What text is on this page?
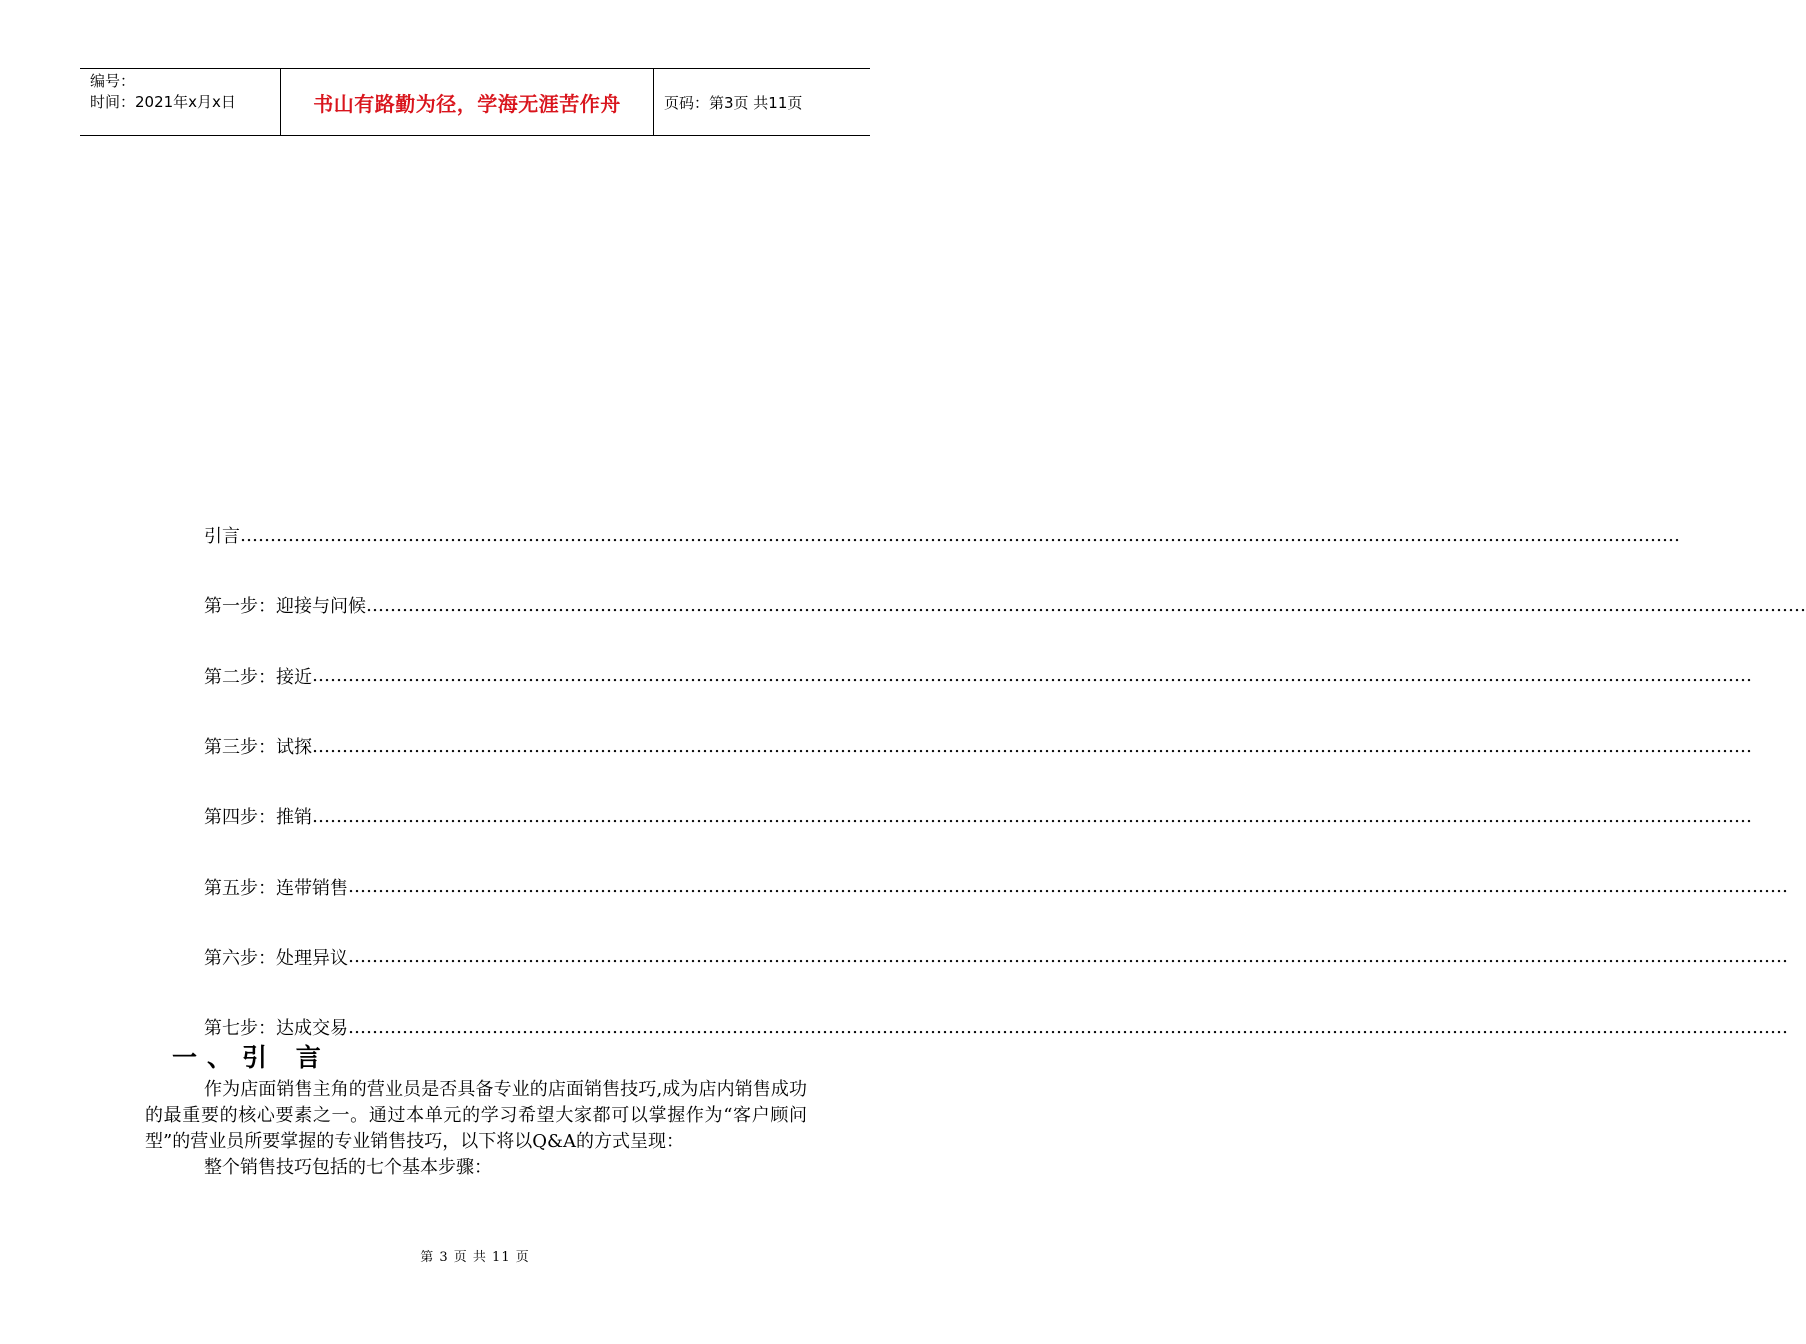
编号：
时间：2021年x月x日	书山有路勤为径，学海无涯苦作舟	页码：第3页 共11页
引言 ……………………………………………………………………………………………………………………………………………………………………………………………………………………
第一步：迎接与问候 ……………………………………………………………………………………………………………………………………………………………………………………………………………………
第二步：接近 ……………………………………………………………………………………………………………………………………………………………………………………………………………………
第三步：试探 ……………………………………………………………………………………………………………………………………………………………………………………………………………………
第四步：推销 ……………………………………………………………………………………………………………………………………………………………………………………………………………………
第五步：连带销售 ……………………………………………………………………………………………………………………………………………………………………………………………………………………
第六步：处理异议 ……………………………………………………………………………………………………………………………………………………………………………………………………………………
第七步：达成交易 ……………………………………………………………………………………………………………………………………………………………………………………………………………………
一、引 言

作为店面销售主角的营业员是否具备专业的店面销售技巧,成为店内销售成功的最重要的核心要素之一。通过本单元的学习希望大家都可以掌握作为“客户顾问型”的营业员所要掌握的专业销售技巧，以下将以Q&A的方式呈现：

整个销售技巧包括的七个基本步骤：

第 3 页 共 11 页
